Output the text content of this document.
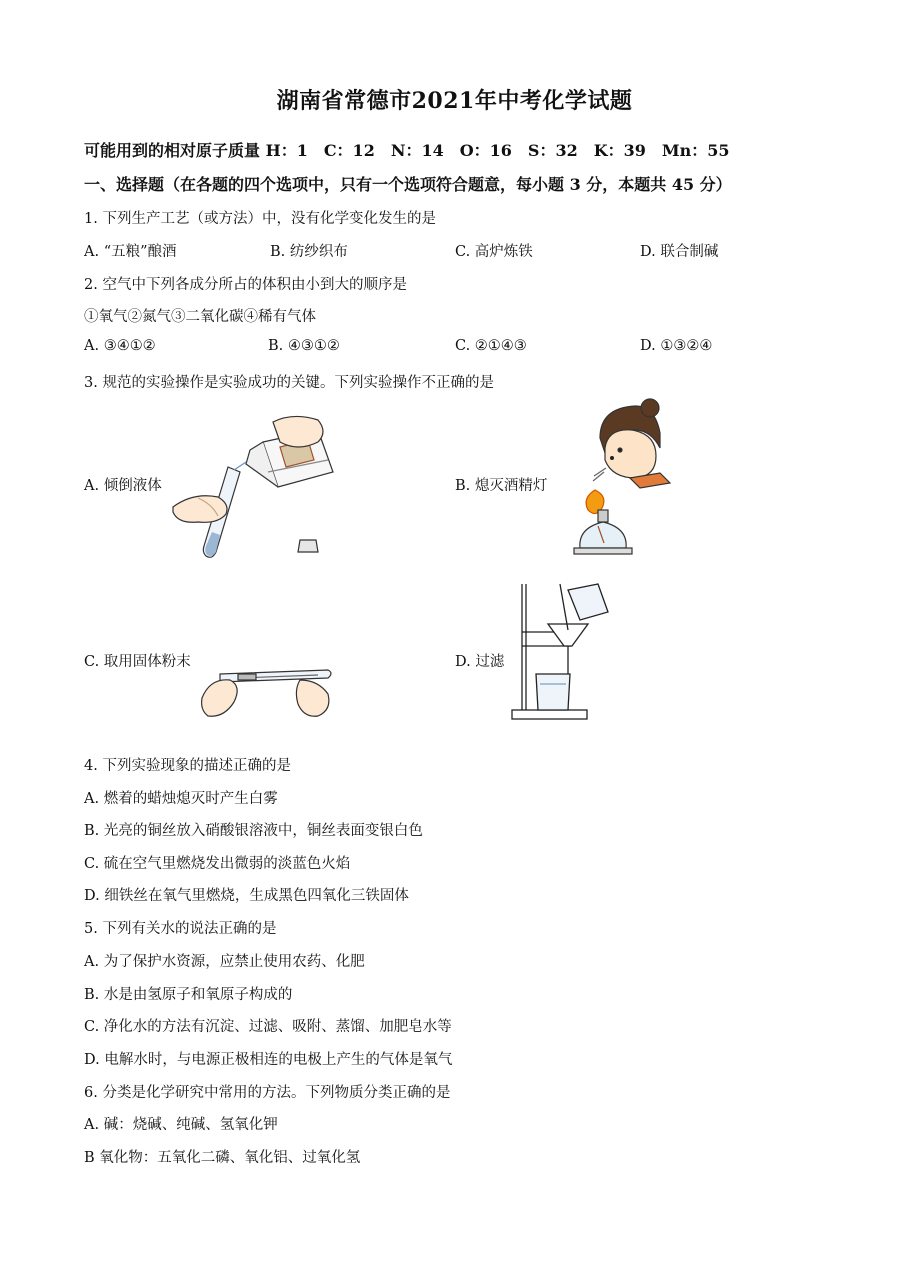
湖南省常德市2021年中考化学试题
可能用到的相对原子质量 H：1　C：12　N：14　O：16　S：32　K：39　Mn：55
一、选择题（在各题的四个选项中，只有一个选项符合题意，每小题 3 分，本题共 45 分）
1. 下列生产工艺（或方法）中，没有化学变化发生的是
A. “五粮”酿酒	B. 纺纱织布	C. 高炉炼铁	D. 联合制碱
2. 空气中下列各成分所占的体积由小到大的顺序是
①氧气②氮气③二氧化碳④稀有气体
A. ③④①②	B. ④③①②	C. ②①④③	D. ①③②④
3. 规范的实验操作是实验成功的关键。下列实验操作不正确的是
A. 倾倒液体	B. 熄灭酒精灯
C. 取用固体粉末	D. 过滤
4. 下列实验现象的描述正确的是
A. 燃着的蜡烛熄灭时产生白雾
B. 光亮的铜丝放入硝酸银溶液中，铜丝表面变银白色
C. 硫在空气里燃烧发出微弱的淡蓝色火焰
D. 细铁丝在氧气里燃烧，生成黑色四氧化三铁固体
5. 下列有关水的说法正确的是
A. 为了保护水资源，应禁止使用农药、化肥
B. 水是由氢原子和氧原子构成的
C. 净化水的方法有沉淀、过滤、吸附、蒸馏、加肥皂水等
D. 电解水时，与电源正极相连的电极上产生的气体是氧气
6. 分类是化学研究中常用的方法。下列物质分类正确的是
A. 碱：烧碱、纯碱、氢氧化钾
B 氧化物：五氧化二磷、氧化铝、过氧化氢
